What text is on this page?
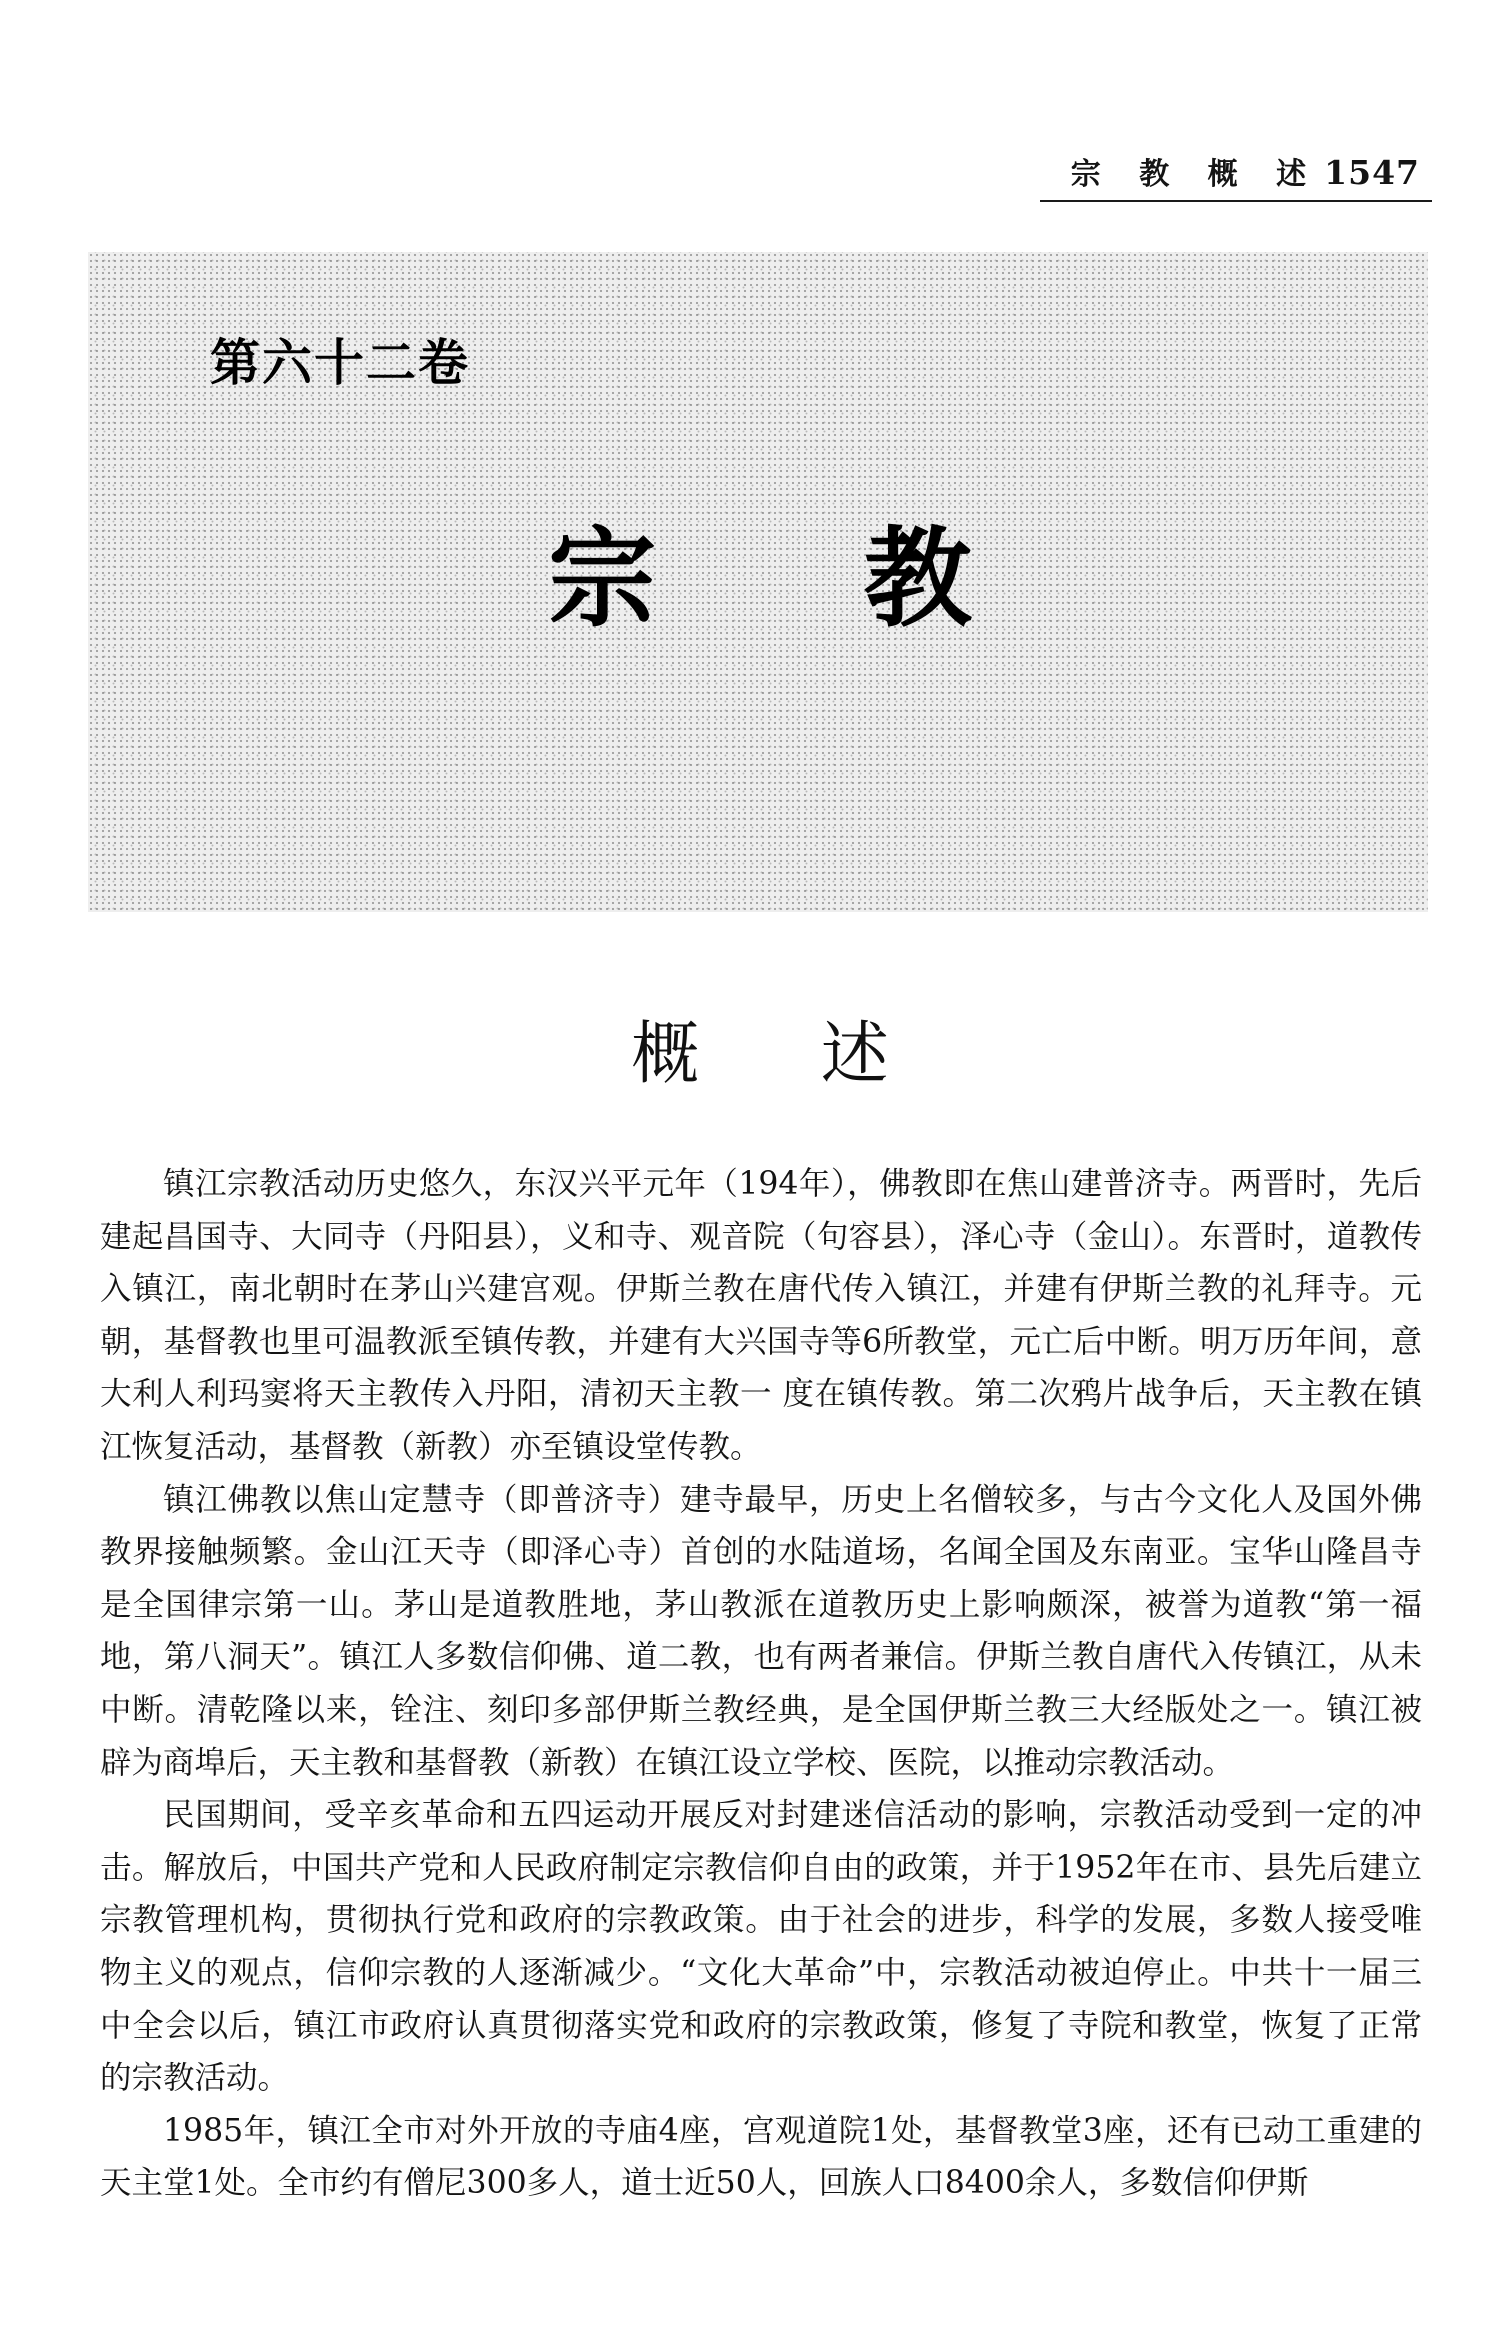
宗 教 概 述 1547
第六十二卷
宗 教
概 述

镇江宗教活动历史悠久，东汉兴平元年（194年），佛教即在焦山建普济寺。两晋时，先后建起昌国寺、大同寺（丹阳县），义和寺、观音院（句容县），泽心寺（金山）。东晋时，道教传入镇江，南北朝时在茅山兴建宫观。伊斯兰教在唐代传入镇江，并建有伊斯兰教的礼拜寺。元朝，基督教也里可温教派至镇传教，并建有大兴国寺等6所教堂，元亡后中断。明万历年间，意大利人利玛窦将天主教传入丹阳，清初天主教一 度在镇传教。第二次鸦片战争后，天主教在镇江恢复活动，基督教（新教）亦至镇设堂传教。

镇江佛教以焦山定慧寺（即普济寺）建寺最早，历史上名僧较多，与古今文化人及国外佛教界接触频繁。金山江天寺（即泽心寺）首创的水陆道场，名闻全国及东南亚。宝华山隆昌寺是全国律宗第一山。茅山是道教胜地，茅山教派在道教历史上影响颇深，被誉为道教“第一福地，第八洞天”。镇江人多数信仰佛、道二教，也有两者兼信。伊斯兰教自唐代入传镇江，从未中断。清乾隆以来，铨注、刻印多部伊斯兰教经典，是全国伊斯兰教三大经版处之一。镇江被辟为商埠后，天主教和基督教（新教）在镇江设立学校、医院，以推动宗教活动。

民国期间，受辛亥革命和五四运动开展反对封建迷信活动的影响，宗教活动受到一定的冲击。解放后，中国共产党和人民政府制定宗教信仰自由的政策，并于1952年在市、县先后建立宗教管理机构，贯彻执行党和政府的宗教政策。由于社会的进步，科学的发展，多数人接受唯物主义的观点，信仰宗教的人逐渐减少。“文化大革命”中，宗教活动被迫停止。中共十一届三中全会以后，镇江市政府认真贯彻落实党和政府的宗教政策，修复了寺院和教堂，恢复了正常的宗教活动。

1985年，镇江全市对外开放的寺庙4座，宫观道院1处，基督教堂3座，还有已动工重建的天主堂1处。全市约有僧尼300多人，道士近50人，回族人口8400余人，多数信仰伊斯
